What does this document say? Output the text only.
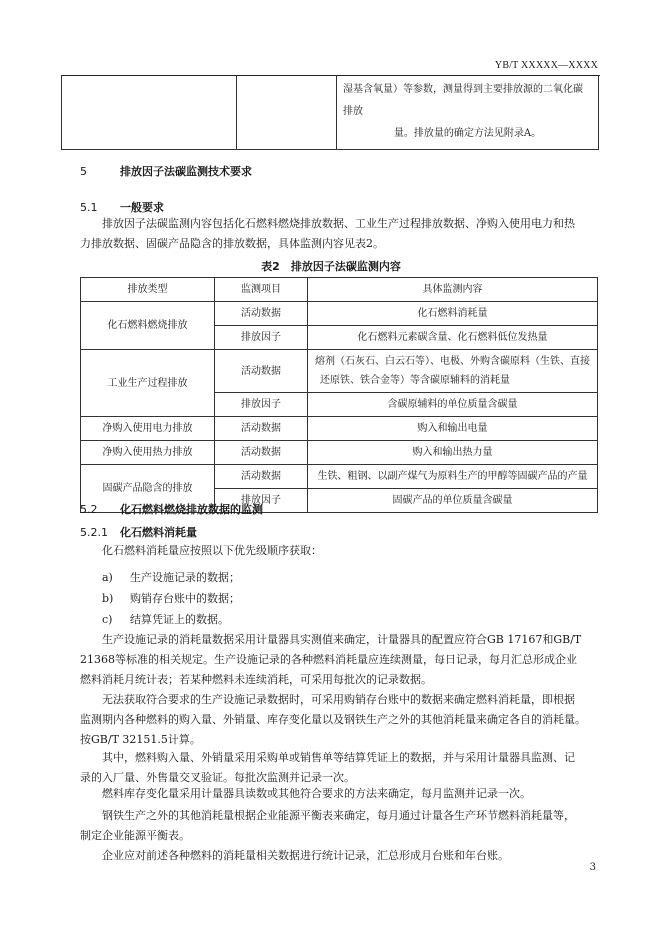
YB/T XXXXX—XXXX

湿基含氧量）等参数，测量得到主要排放源的二氧化碳排放
量。排放量的确定方法见附录A。
5	排放因子法碳监测技术要求
5.1 一般要求
排放因子法碳监测内容包括化石燃料燃烧排放数据、工业生产过程排放数据、净购入使用电力和热
力排放数据、固碳产品隐含的排放数据，具体监测内容见表2。
表2　排放因子法碳监测内容
排放类型	监测项目	具体监测内容
化石燃料燃烧排放	活动数据	化石燃料消耗量
	排放因子	化石燃料元素碳含量、化石燃料低位发热量
工业生产过程排放	活动数据	熔剂（石灰石、白云石等）、电极、外购含碳原料（生铁、直接
还原铁、铁合金等）等含碳原辅料的消耗量

	排放因子	含碳原辅料的单位质量含碳量
净购入使用电力排放	活动数据	购入和输出电量
净购入使用热力排放	活动数据	购入和输出热力量
固碳产品隐含的排放	活动数据	生铁、粗钢、以副产煤气为原料生产的甲醇等固碳产品的产量
	排放因子	固碳产品的单位质量含碳量
5.2 化石燃料燃烧排放数据的监测
5.2.1 化石燃料消耗量
化石燃料消耗量应按照以下优先级顺序获取：
a) 生产设施记录的数据；
b) 购销存台账中的数据；
c) 结算凭证上的数据。
生产设施记录的消耗量数据采用计量器具实测值来确定，计量器具的配置应符合GB 17167和GB/T
21368等标准的相关规定。生产设施记录的各种燃料消耗量应连续测量，每日记录，每月汇总形成企业
燃料消耗月统计表；若某种燃料未连续消耗，可采用每批次的记录数据。
无法获取符合要求的生产设施记录数据时，可采用购销存台账中的数据来确定燃料消耗量，即根据
监测期内各种燃料的购入量、外销量、库存变化量以及钢铁生产之外的其他消耗量来确定各自的消耗量。
按GB/T 32151.5计算。
其中，燃料购入量、外销量采用采购单或销售单等结算凭证上的数据，并与采用计量器具监测、记
录的入厂量、外售量交叉验证。每批次监测并记录一次。
燃料库存变化量采用计量器具读数或其他符合要求的方法来确定，每月监测并记录一次。
钢铁生产之外的其他消耗量根据企业能源平衡表来确定，每月通过计量各生产环节燃料消耗量等，
制定企业能源平衡表。
企业应对前述各种燃料的消耗量相关数据进行统计记录，汇总形成月台账和年台账。
3
